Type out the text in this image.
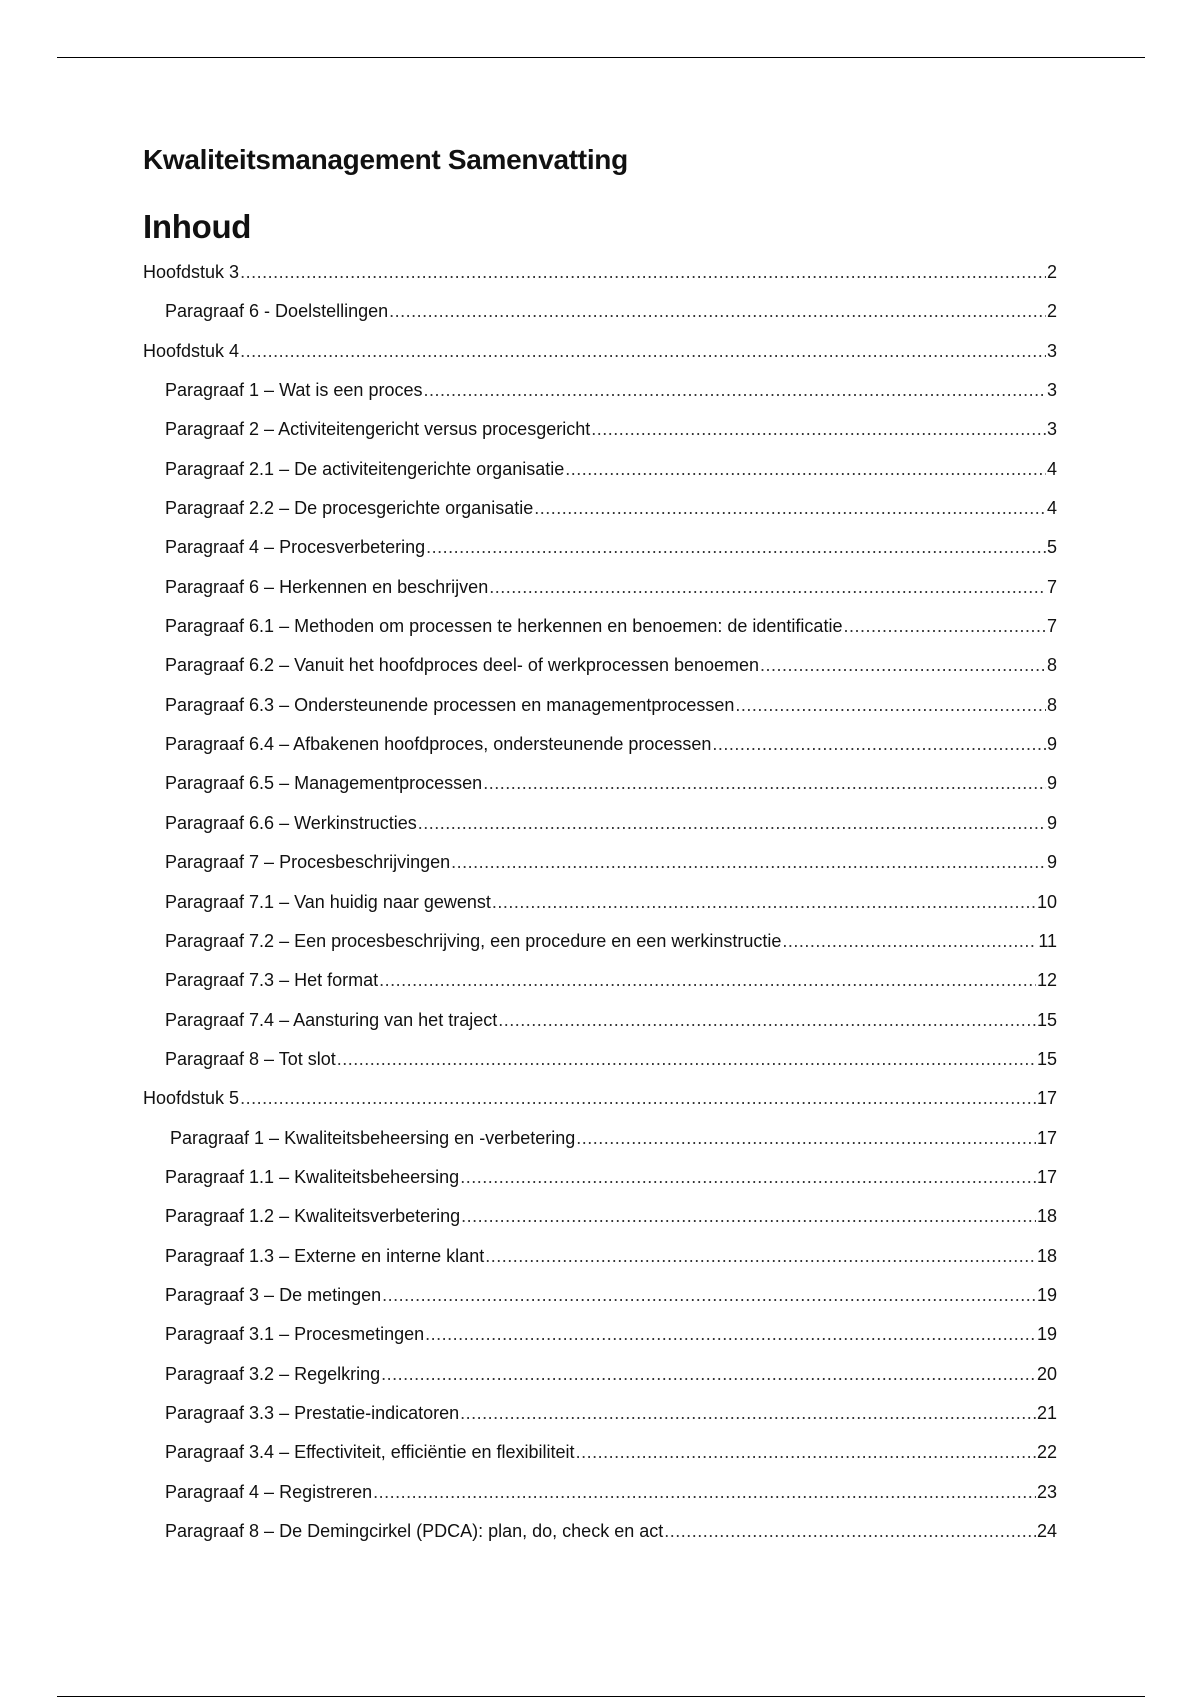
Kwaliteitsmanagement Samenvatting
Inhoud
Hoofdstuk 3 .....	2
Paragraaf 6 - Doelstellingen .....	2
Hoofdstuk 4 .....	3
Paragraaf 1 – Wat is een proces .....	3
Paragraaf 2 – Activiteitengericht versus procesgericht .....	3
Paragraaf 2.1 – De activiteitengerichte organisatie .....	4
Paragraaf 2.2 – De procesgerichte organisatie .....	4
Paragraaf 4 – Procesverbetering .....	5
Paragraaf 6 – Herkennen en beschrijven .....	7
Paragraaf 6.1 – Methoden om processen te herkennen en benoemen: de identificatie .....	7
Paragraaf 6.2 – Vanuit het hoofdproces deel- of werkprocessen benoemen .....	8
Paragraaf 6.3 – Ondersteunende processen en managementprocessen .....	8
Paragraaf 6.4 – Afbakenen hoofdproces, ondersteunende processen .....	9
Paragraaf 6.5 – Managementprocessen .....	9
Paragraaf 6.6 – Werkinstructies .....	9
Paragraaf 7 – Procesbeschrijvingen .....	9
Paragraaf 7.1 – Van huidig naar gewenst .....	10
Paragraaf 7.2 – Een procesbeschrijving, een procedure en een werkinstructie .....	11
Paragraaf 7.3 – Het format .....	12
Paragraaf 7.4 – Aansturing van het traject .....	15
Paragraaf 8 – Tot slot .....	15
Hoofdstuk 5 .....	17
Paragraaf 1 – Kwaliteitsbeheersing en -verbetering .....	17
Paragraaf 1.1 – Kwaliteitsbeheersing .....	17
Paragraaf 1.2 – Kwaliteitsverbetering .....	18
Paragraaf 1.3 – Externe en interne klant .....	18
Paragraaf 3 – De metingen .....	19
Paragraaf 3.1 – Procesmetingen .....	19
Paragraaf 3.2 – Regelkring .....	20
Paragraaf 3.3 – Prestatie-indicatoren .....	21
Paragraaf 3.4 – Effectiviteit, efficiëntie en flexibiliteit .....	22
Paragraaf 4 – Registreren .....	23
Paragraaf 8 – De Demingcirkel (PDCA): plan, do, check en act .....	24
